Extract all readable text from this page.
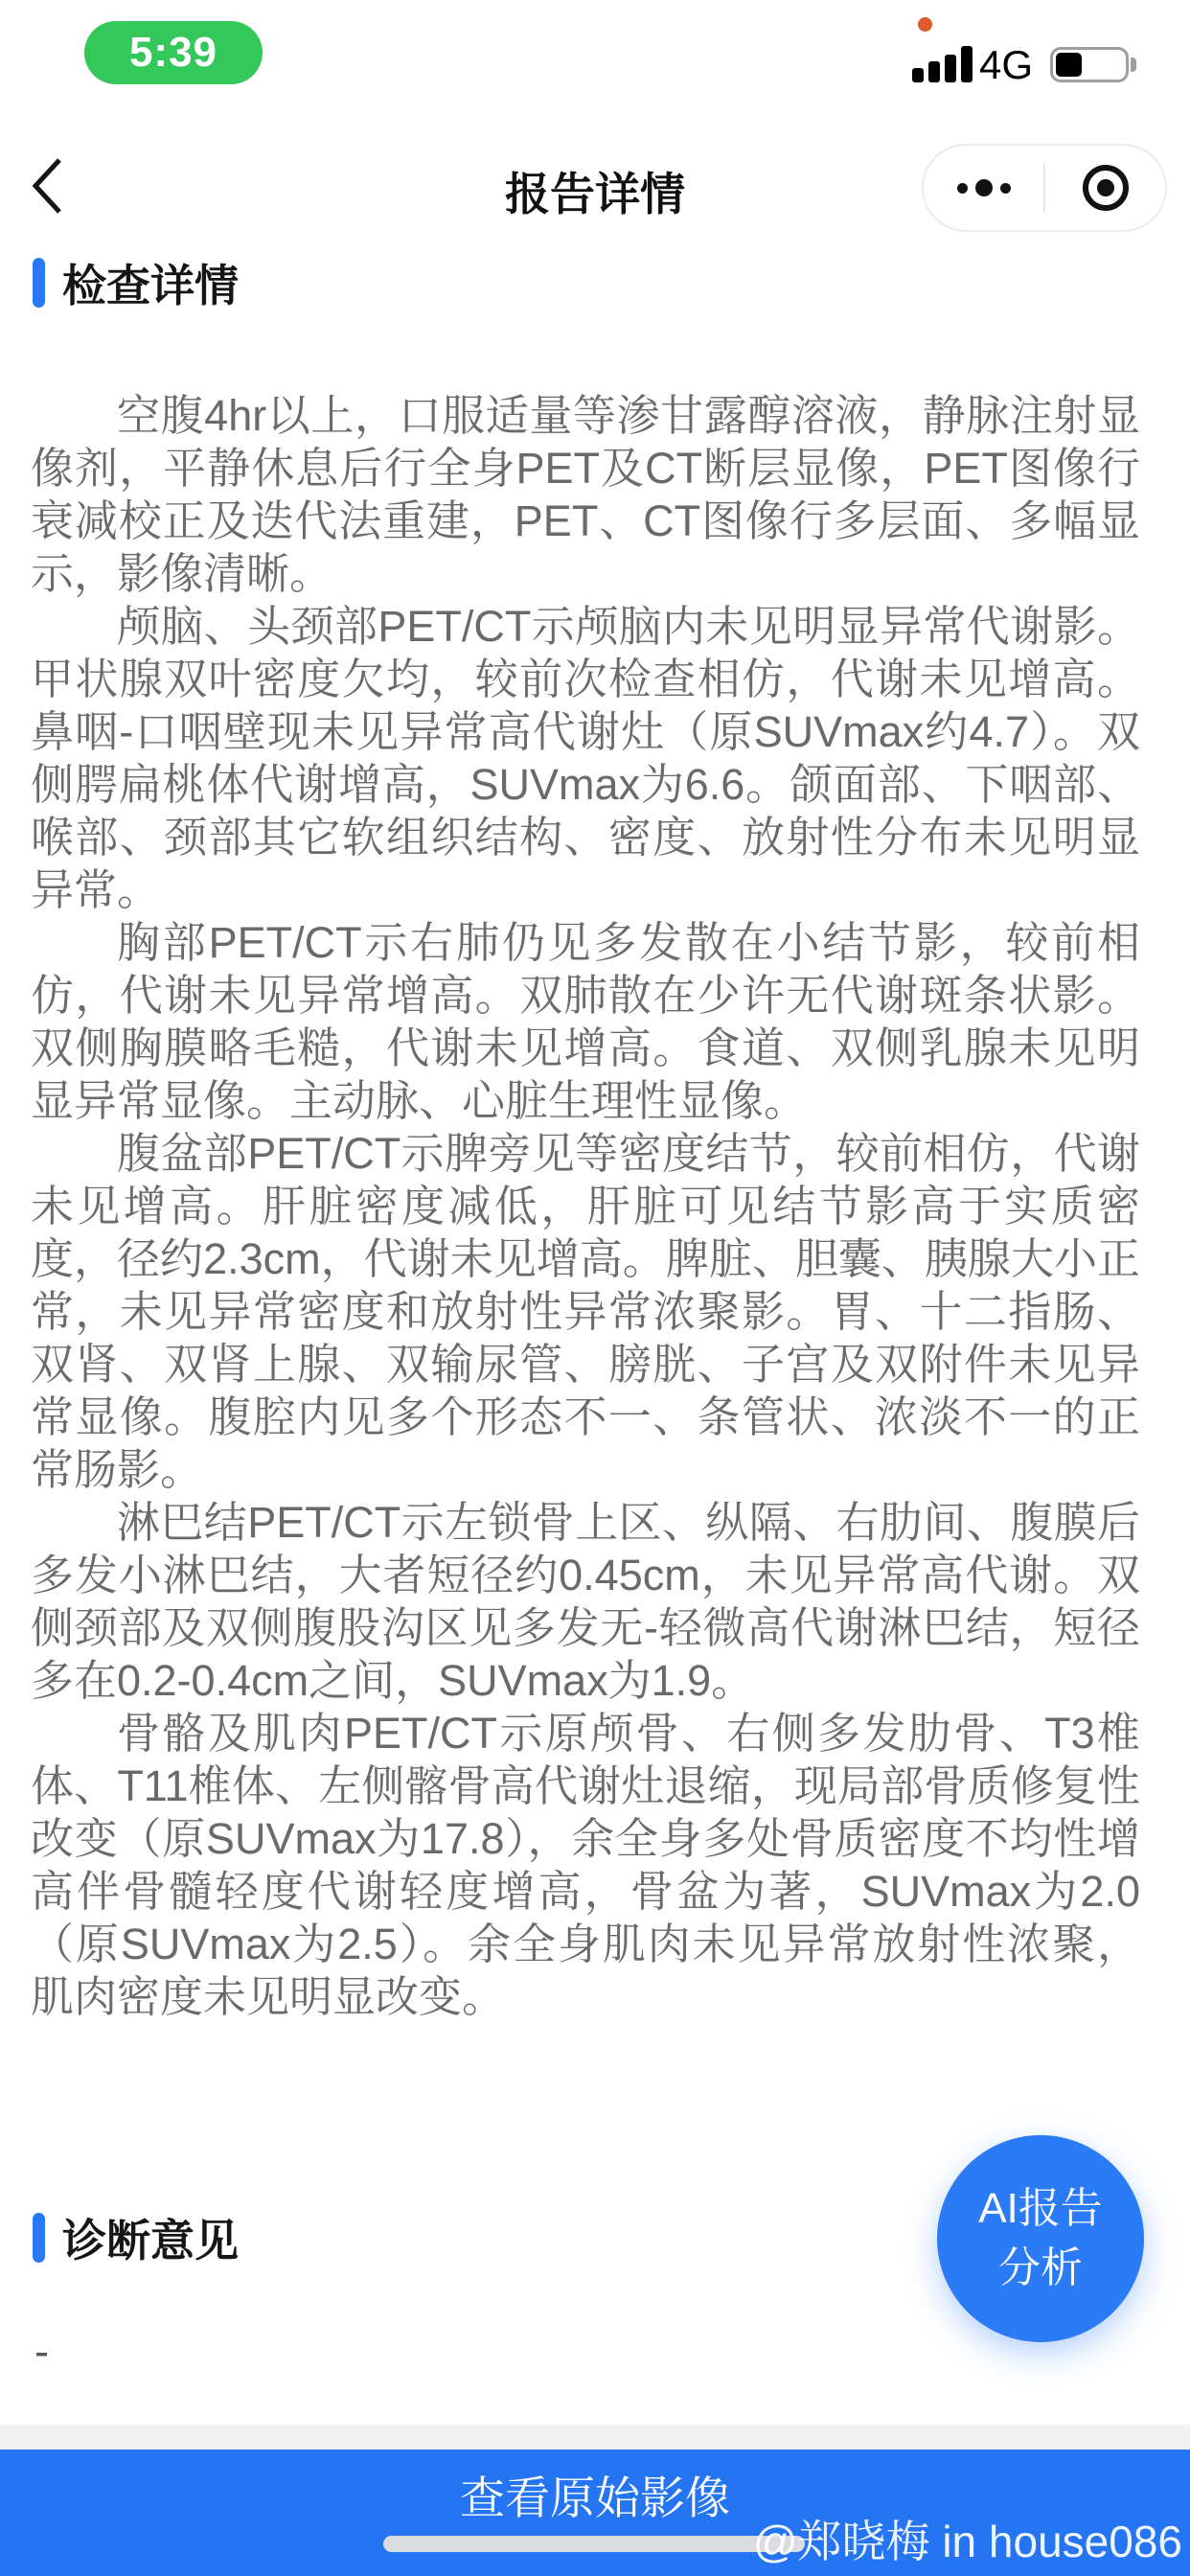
5:39	4G
报告详情
检查详情

空腹4hr以上，口服适量等渗甘露醇溶液，静脉注射显像剂，平静休息后行全身PET及CT断层显像，PET图像行衰减校正及迭代法重建，PET、CT图像行多层面、多幅显示，影像清晰。

颅脑、头颈部PET/CT示颅脑内未见明显异常代谢影。甲状腺双叶密度欠均，较前次检查相仿，代谢未见增高。鼻咽-口咽壁现未见异常高代谢灶（原SUVmax约4.7）。双侧腭扁桃体代谢增高，SUVmax为6.6。颌面部、下咽部、喉部、颈部其它软组织结构、密度、放射性分布未见明显异常。

胸部PET/CT示右肺仍见多发散在小结节影，较前相仿，代谢未见异常增高。双肺散在少许无代谢斑条状影。双侧胸膜略毛糙，代谢未见增高。食道、双侧乳腺未见明显异常显像。主动脉、心脏生理性显像。

腹盆部PET/CT示脾旁见等密度结节，较前相仿，代谢未见增高。肝脏密度减低，肝脏可见结节影高于实质密度，径约2.3cm，代谢未见增高。脾脏、胆囊、胰腺大小正常，未见异常密度和放射性异常浓聚影。胃、十二指肠、双肾、双肾上腺、双输尿管、膀胱、子宫及双附件未见异常显像。腹腔内见多个形态不一、条管状、浓淡不一的正常肠影。

淋巴结PET/CT示左锁骨上区、纵隔、右肋间、腹膜后多发小淋巴结，大者短径约0.45cm，未见异常高代谢。双侧颈部及双侧腹股沟区见多发无-轻微高代谢淋巴结，短径多在0.2-0.4cm之间，SUVmax为1.9。

骨骼及肌肉PET/CT示原颅骨、右侧多发肋骨、T3椎体、T11椎体、左侧髂骨高代谢灶退缩，现局部骨质修复性改变（原SUVmax为17.8），余全身多处骨质密度不均性增高伴骨髓轻度代谢轻度增高，骨盆为著，SUVmax为2.0（原SUVmax为2.5）。余全身肌肉未见异常放射性浓聚，肌肉密度未见明显改变。

诊断意见
-
AI报告
分析
查看原始影像
@郑晓梅 in house086
